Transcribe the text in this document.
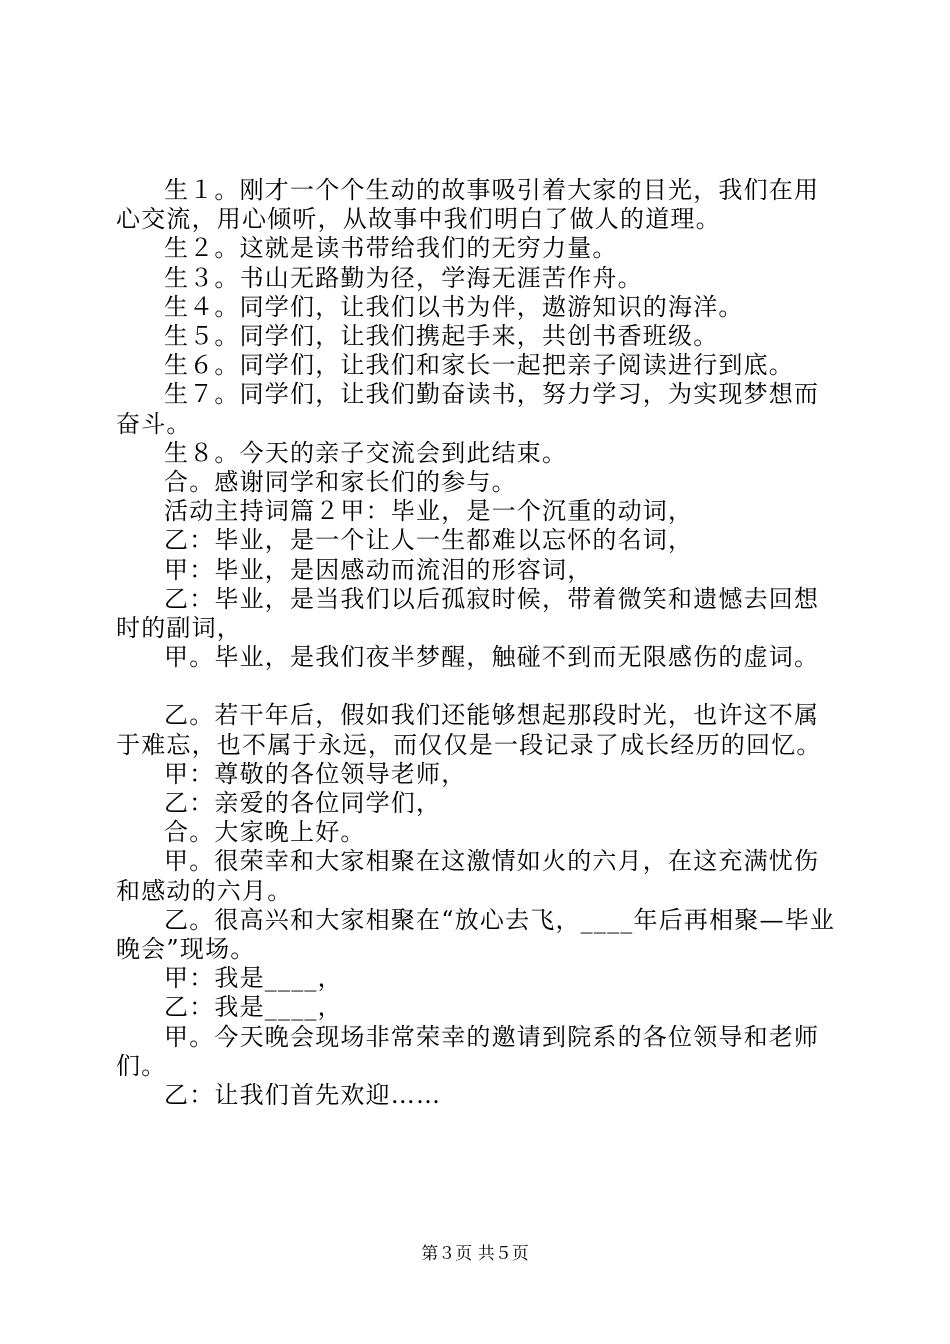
生１。刚才一个个生动的故事吸引着大家的目光，我们在用心交流，用心倾听，从故事中我们明白了做人的道理。

生２。这就是读书带给我们的无穷力量。

生３。书山无路勤为径，学海无涯苦作舟。

生４。同学们，让我们以书为伴，遨游知识的海洋。

生５。同学们，让我们携起手来，共创书香班级。

生６。同学们，让我们和家长一起把亲子阅读进行到底。

生７。同学们，让我们勤奋读书，努力学习，为实现梦想而奋斗。

生８。今天的亲子交流会到此结束。

合。感谢同学和家长们的参与。

活动主持词篇２甲：毕业，是一个沉重的动词，

乙：毕业，是一个让人一生都难以忘怀的名词，

甲：毕业，是因感动而流泪的形容词，

乙：毕业，是当我们以后孤寂时候，带着微笑和遗憾去回想时的副词，

甲。毕业，是我们夜半梦醒，触碰不到而无限感伤的虚词。

乙。若干年后，假如我们还能够想起那段时光，也许这不属于难忘，也不属于永远，而仅仅是一段记录了成长经历的回忆。

甲：尊敬的各位领导老师，

乙：亲爱的各位同学们，

合。大家晚上好。

甲。很荣幸和大家相聚在这激情如火的六月，在这充满忧伤和感动的六月。

乙。很高兴和大家相聚在“放心去飞，____年后再相聚—毕业晚会”现场。

甲：我是____，

乙：我是____，

甲。今天晚会现场非常荣幸的邀请到院系的各位领导和老师们。

乙：让我们首先欢迎……

第３页 共５页
